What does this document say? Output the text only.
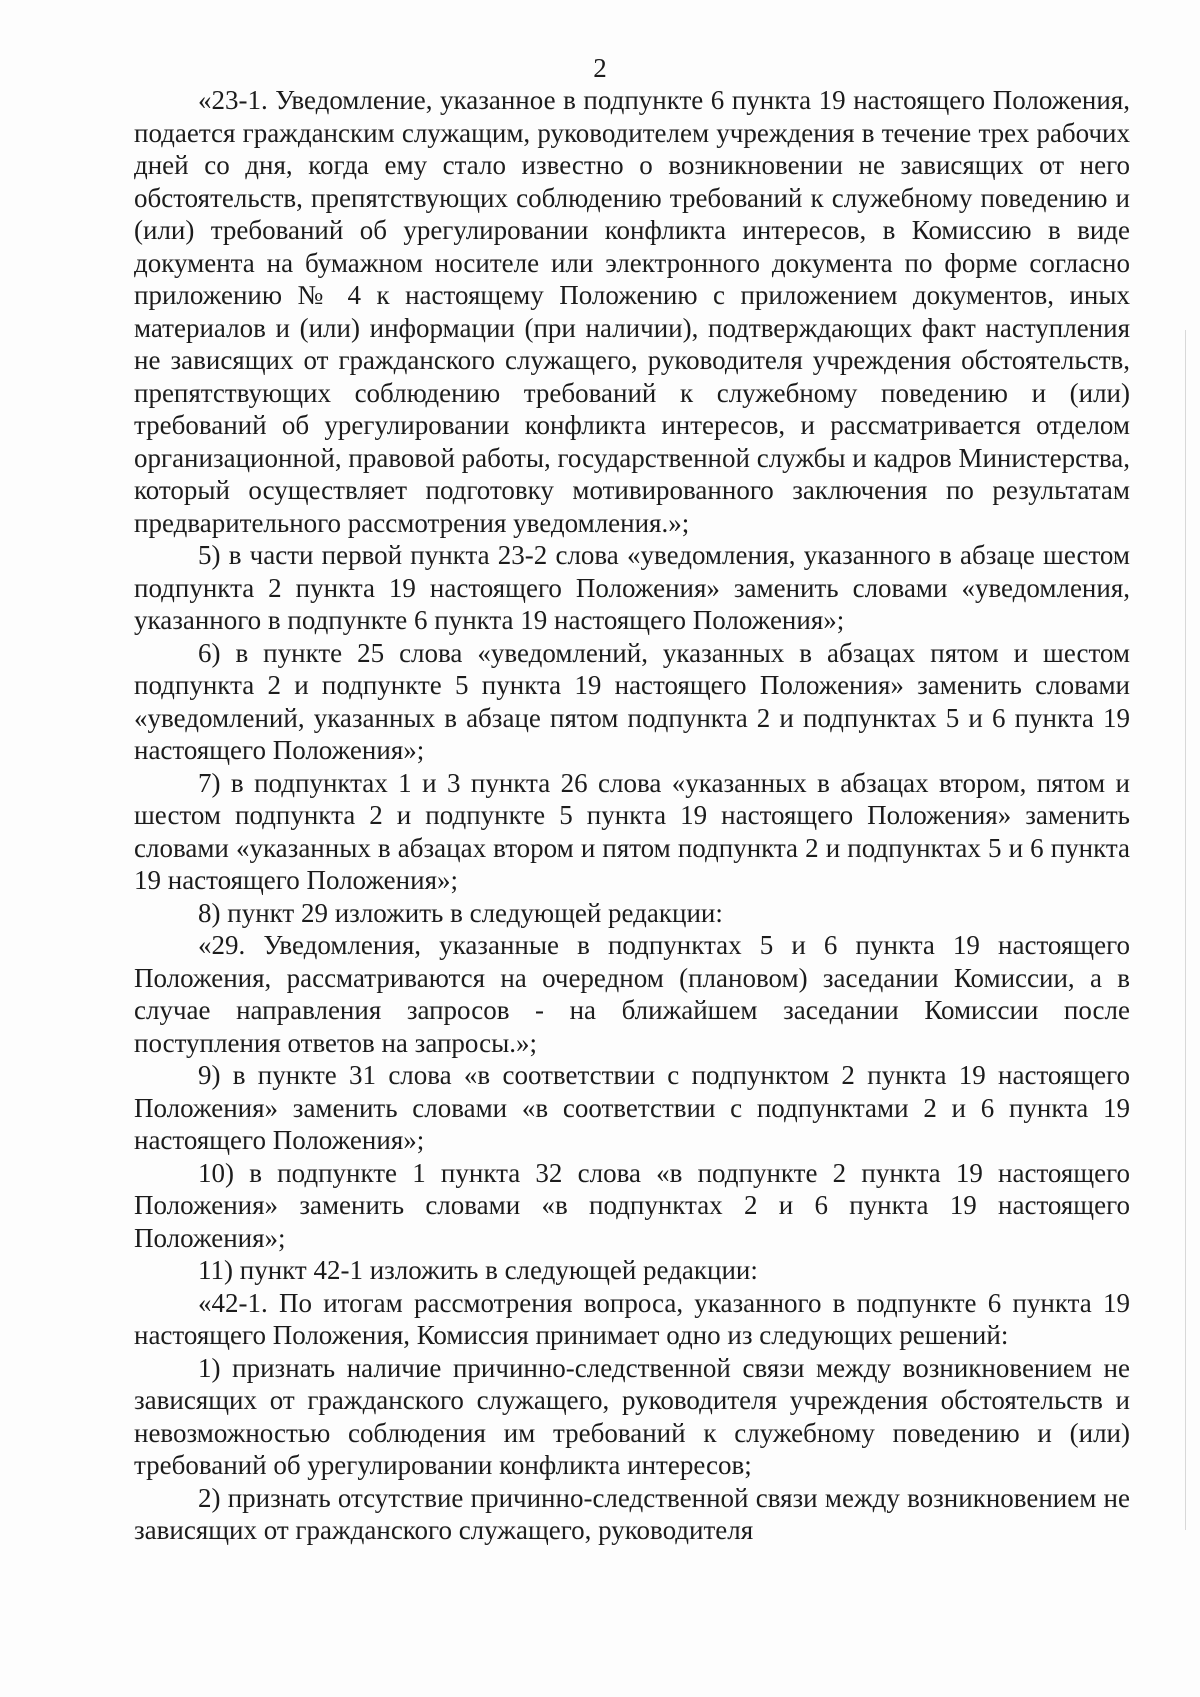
2

«23-1. Уведомление, указанное в подпункте 6 пункта 19 настоящего Положения, подается гражданским служащим, руководителем учреждения в течение трех рабочих дней со дня, когда ему стало известно о возникновении не зависящих от него обстоятельств, препятствующих соблюдению требований к служебному поведению и (или) требований об урегулировании конфликта интересов, в Комиссию в виде документа на бумажном носителе или электронного документа по форме согласно приложению № 4 к настоящему Положению с приложением документов, иных материалов и (или) информации (при наличии), подтверждающих факт наступления не зависящих от гражданского служащего, руководителя учреждения обстоятельств, препятствующих соблюдению требований к служебному поведению и (или) требований об урегулировании конфликта интересов, и рассматривается отделом организационной, правовой работы, государственной службы и кадров Министерства, который осуществляет подготовку мотивированного заключения по результатам предварительного рассмотрения уведомления.»;

5) в части первой пункта 23-2 слова «уведомления, указанного в абзаце шестом подпункта 2 пункта 19 настоящего Положения» заменить словами «уведомления, указанного в подпункте 6 пункта 19 настоящего Положения»;

6) в пункте 25 слова «уведомлений, указанных в абзацах пятом и шестом подпункта 2 и подпункте 5 пункта 19 настоящего Положения» заменить словами «уведомлений, указанных в абзаце пятом подпункта 2 и подпунктах 5 и 6 пункта 19 настоящего Положения»;

7) в подпунктах 1 и 3 пункта 26 слова «указанных в абзацах втором, пятом и шестом подпункта 2 и подпункте 5 пункта 19 настоящего Положения» заменить словами «указанных в абзацах втором и пятом подпункта 2 и подпунктах 5 и 6 пункта 19 настоящего Положения»;

8) пункт 29 изложить в следующей редакции:

«29. Уведомления, указанные в подпунктах 5 и 6 пункта 19 настоящего Положения, рассматриваются на очередном (плановом) заседании Комиссии, а в случае направления запросов - на ближайшем заседании Комиссии после поступления ответов на запросы.»;

9) в пункте 31 слова «в соответствии с подпунктом 2 пункта 19 настоящего Положения» заменить словами «в соответствии с подпунктами 2 и 6 пункта 19 настоящего Положения»;

10) в подпункте 1 пункта 32 слова «в подпункте 2 пункта 19 настоящего Положения» заменить словами «в подпунктах 2 и 6 пункта 19 настоящего Положения»;

11) пункт 42-1 изложить в следующей редакции:

«42-1. По итогам рассмотрения вопроса, указанного в подпункте 6 пункта 19 настоящего Положения, Комиссия принимает одно из следующих решений:

1) признать наличие причинно-следственной связи между возникновением не зависящих от гражданского служащего, руководителя учреждения обстоятельств и невозможностью соблюдения им требований к служебному поведению и (или) требований об урегулировании конфликта интересов;

2) признать отсутствие причинно-следственной связи между возникновением не зависящих от гражданского служащего, руководителя
